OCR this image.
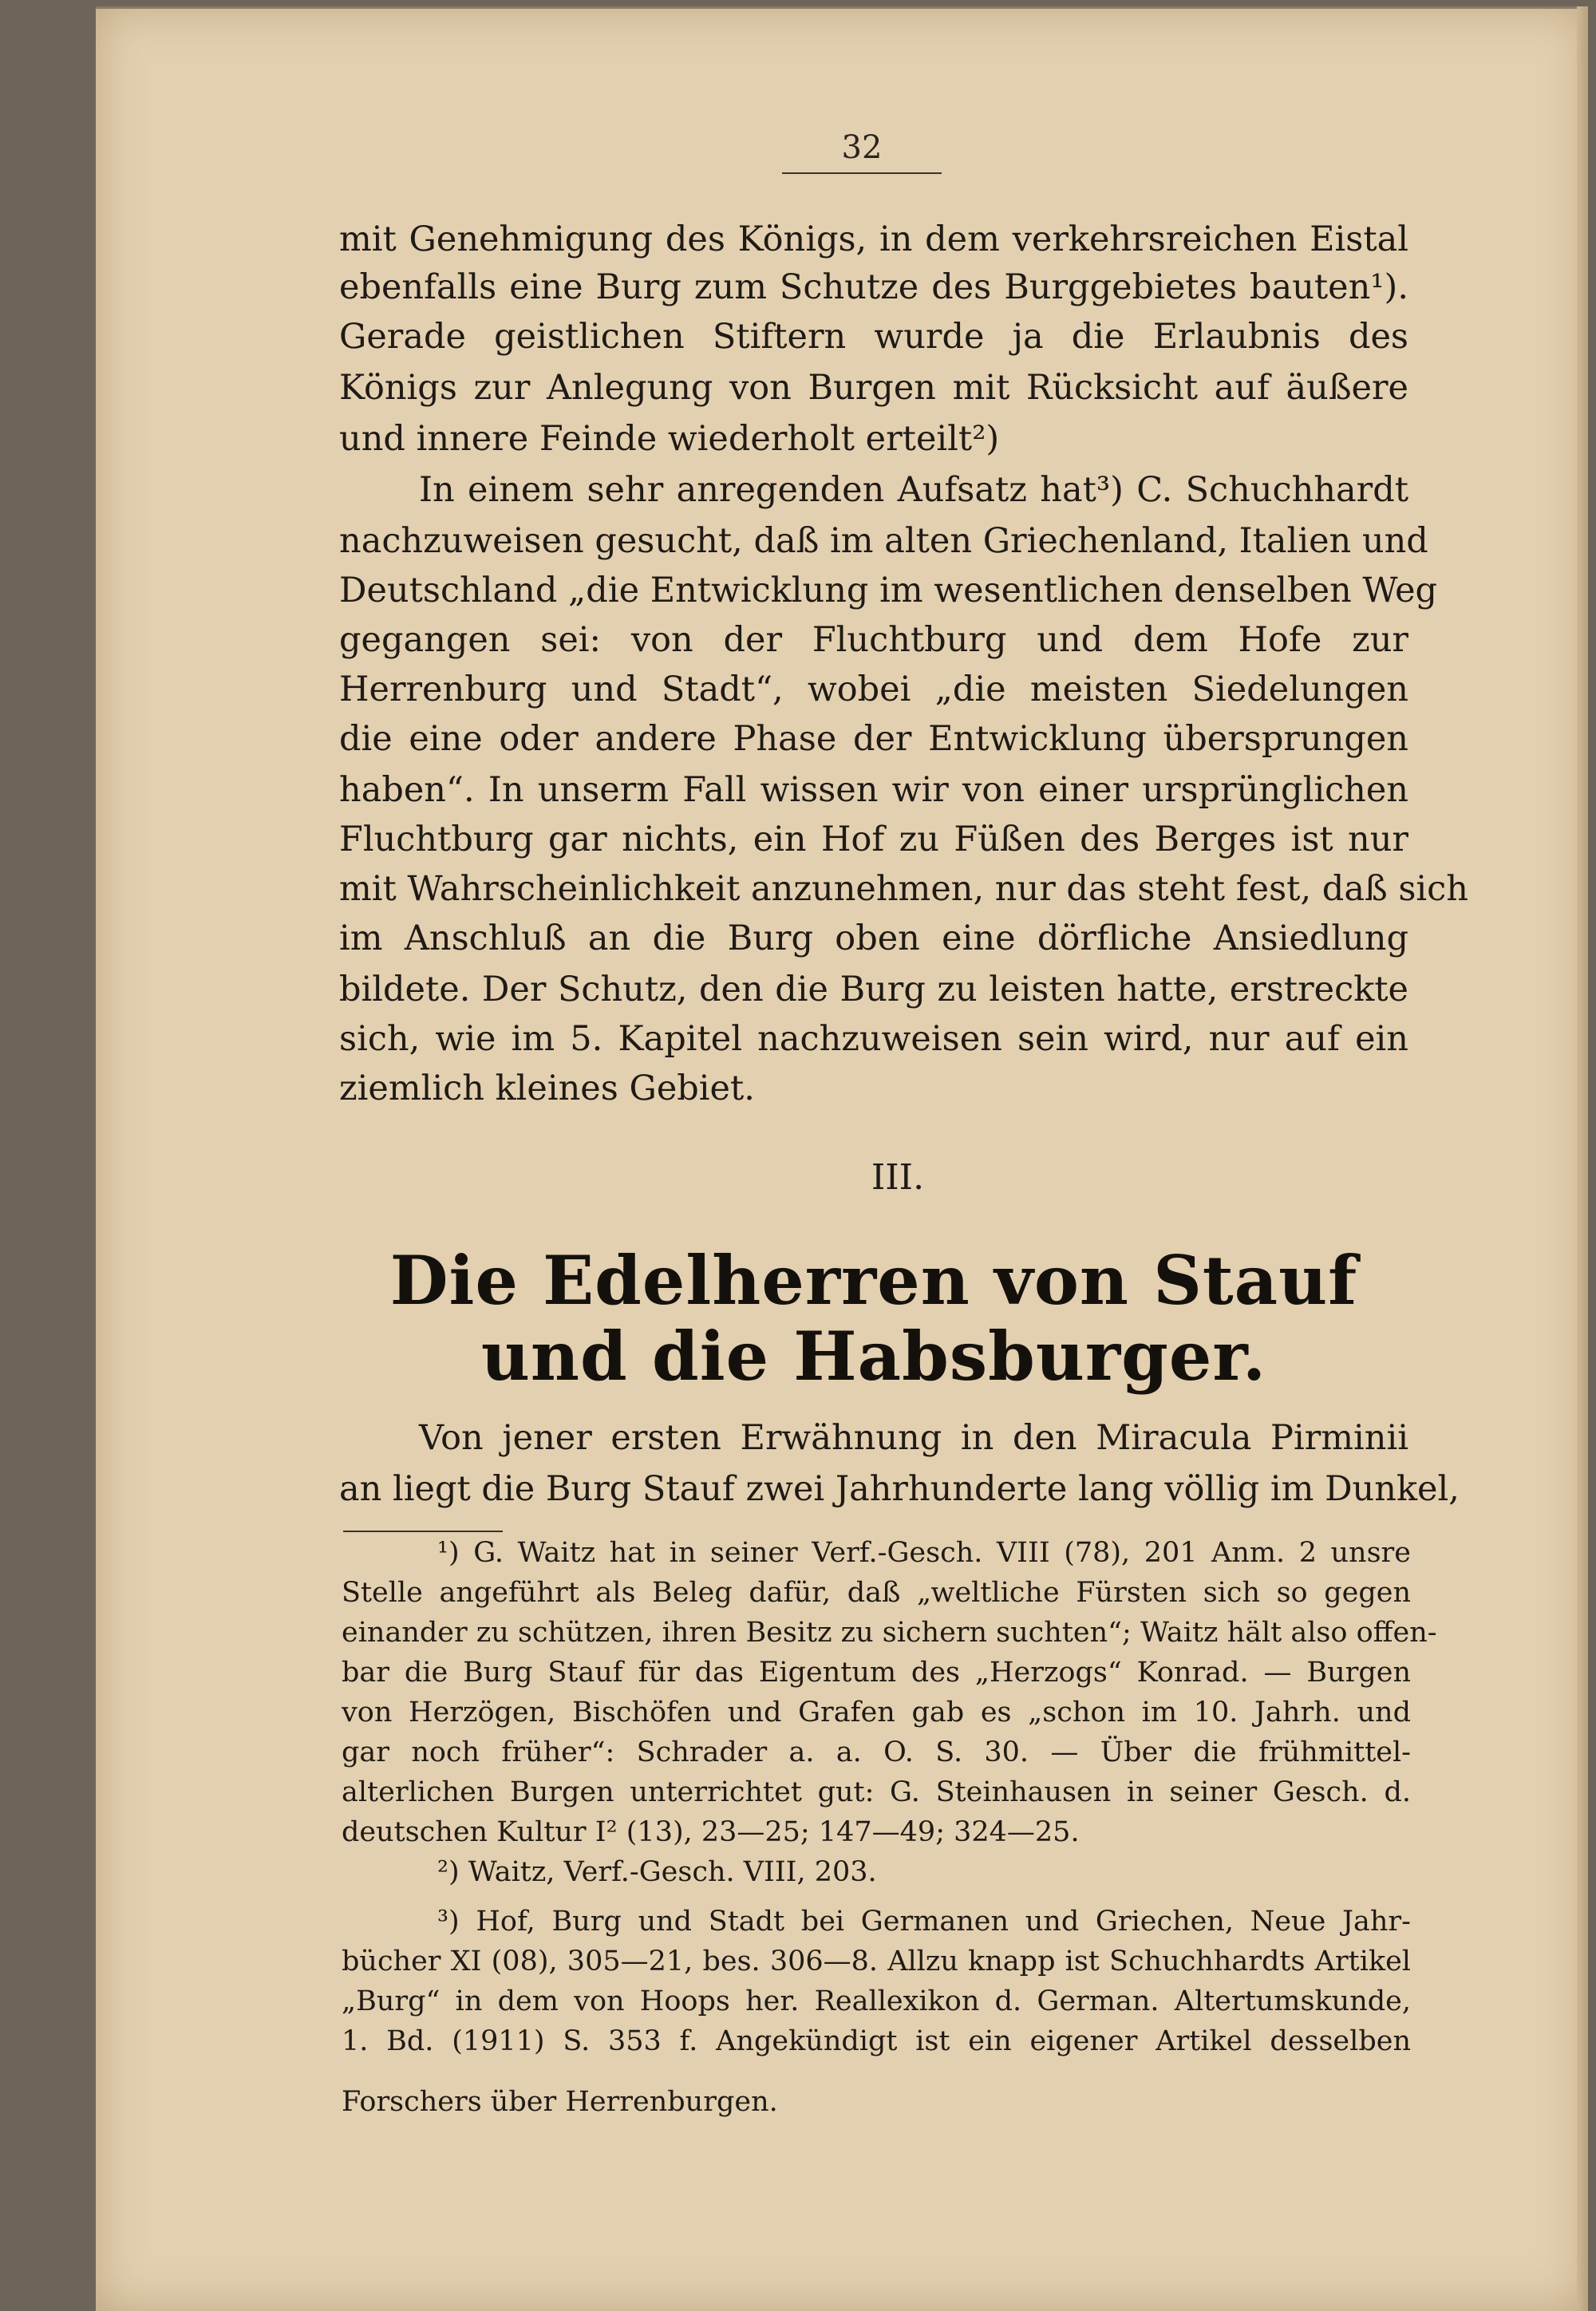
32
mit Genehmigung des Königs, in dem verkehrsreichen Eistal
ebenfalls eine Burg zum Schutze des Burggebietes bauten¹).
Gerade geistlichen Stiftern wurde ja die Erlaubnis des
Königs zur Anlegung von Burgen mit Rücksicht auf äußere
und innere Feinde wiederholt erteilt²)
In einem sehr anregenden Aufsatz hat³) C. Schuchhardt
nachzuweisen gesucht, daß im alten Griechenland, Italien und
Deutschland „die Entwicklung im wesentlichen denselben Weg
gegangen sei: von der Fluchtburg und dem Hofe zur
Herrenburg und Stadt“, wobei „die meisten Siedelungen
die eine oder andere Phase der Entwicklung übersprungen
haben“. In unserm Fall wissen wir von einer ursprünglichen
Fluchtburg gar nichts, ein Hof zu Füßen des Berges ist nur
mit Wahrscheinlichkeit anzunehmen, nur das steht fest, daß sich
im Anschluß an die Burg oben eine dörfliche Ansiedlung
bildete. Der Schutz, den die Burg zu leisten hatte, erstreckte
sich, wie im 5. Kapitel nachzuweisen sein wird, nur auf ein
ziemlich kleines Gebiet.
III.
Die Edelherren von Stauf
und die Habsburger.
Von jener ersten Erwähnung in den Miracula Pirminii
an liegt die Burg Stauf zwei Jahrhunderte lang völlig im Dunkel,
¹) G. Waitz hat in seiner Verf.-Gesch. VIII (78), 201 Anm. 2 unsre
Stelle angeführt als Beleg dafür, daß „weltliche Fürsten sich so gegen
einander zu schützen, ihren Besitz zu sichern suchten“; Waitz hält also offen-
bar die Burg Stauf für das Eigentum des „Herzogs“ Konrad. — Burgen
von Herzögen, Bischöfen und Grafen gab es „schon im 10. Jahrh. und
gar noch früher“: Schrader a. a. O. S. 30. — Über die frühmittel-
alterlichen Burgen unterrichtet gut: G. Steinhausen in seiner Gesch. d.
deutschen Kultur I² (13), 23—25; 147—49; 324—25.
²) Waitz, Verf.-Gesch. VIII, 203.
³) Hof, Burg und Stadt bei Germanen und Griechen, Neue Jahr-
bücher XI (08), 305—21, bes. 306—8. Allzu knapp ist Schuchhardts Artikel
„Burg“ in dem von Hoops her. Reallexikon d. German. Altertumskunde,
1. Bd. (1911) S. 353 f. Angekündigt ist ein eigener Artikel desselben
Forschers über Herrenburgen.
